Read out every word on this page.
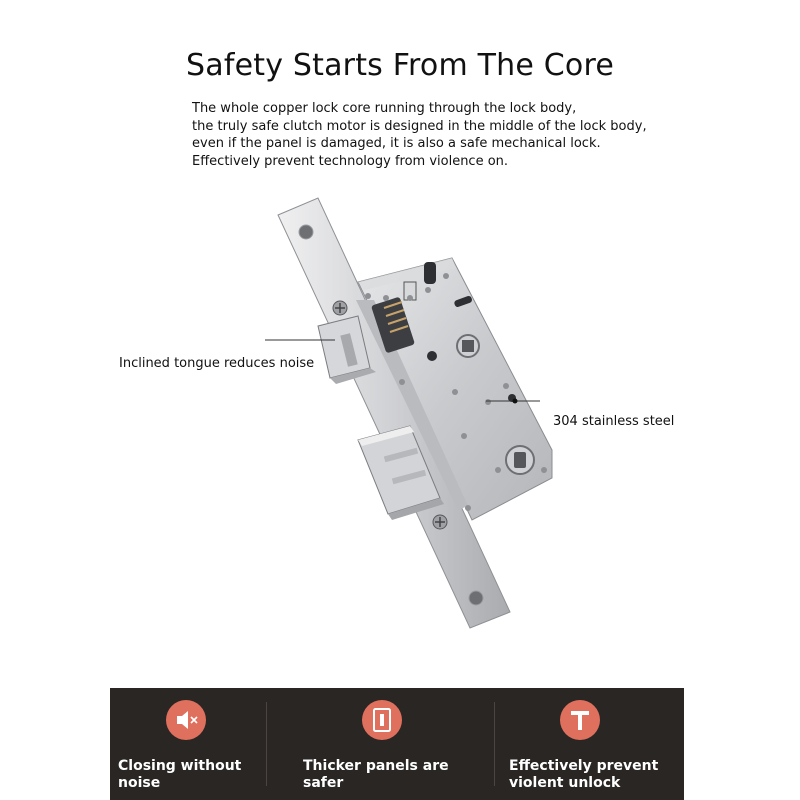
Safety Starts From The Core
The whole copper lock core running through the lock body,
the truly safe clutch motor is designed in the middle of the lock body,
even if the panel is damaged, it is also a safe mechanical lock.
Effectively prevent technology from violence on.
Inclined tongue reduces noise
304 stainless steel
Closing without noise
Thicker panels are safer
Effectively prevent violent unlock
